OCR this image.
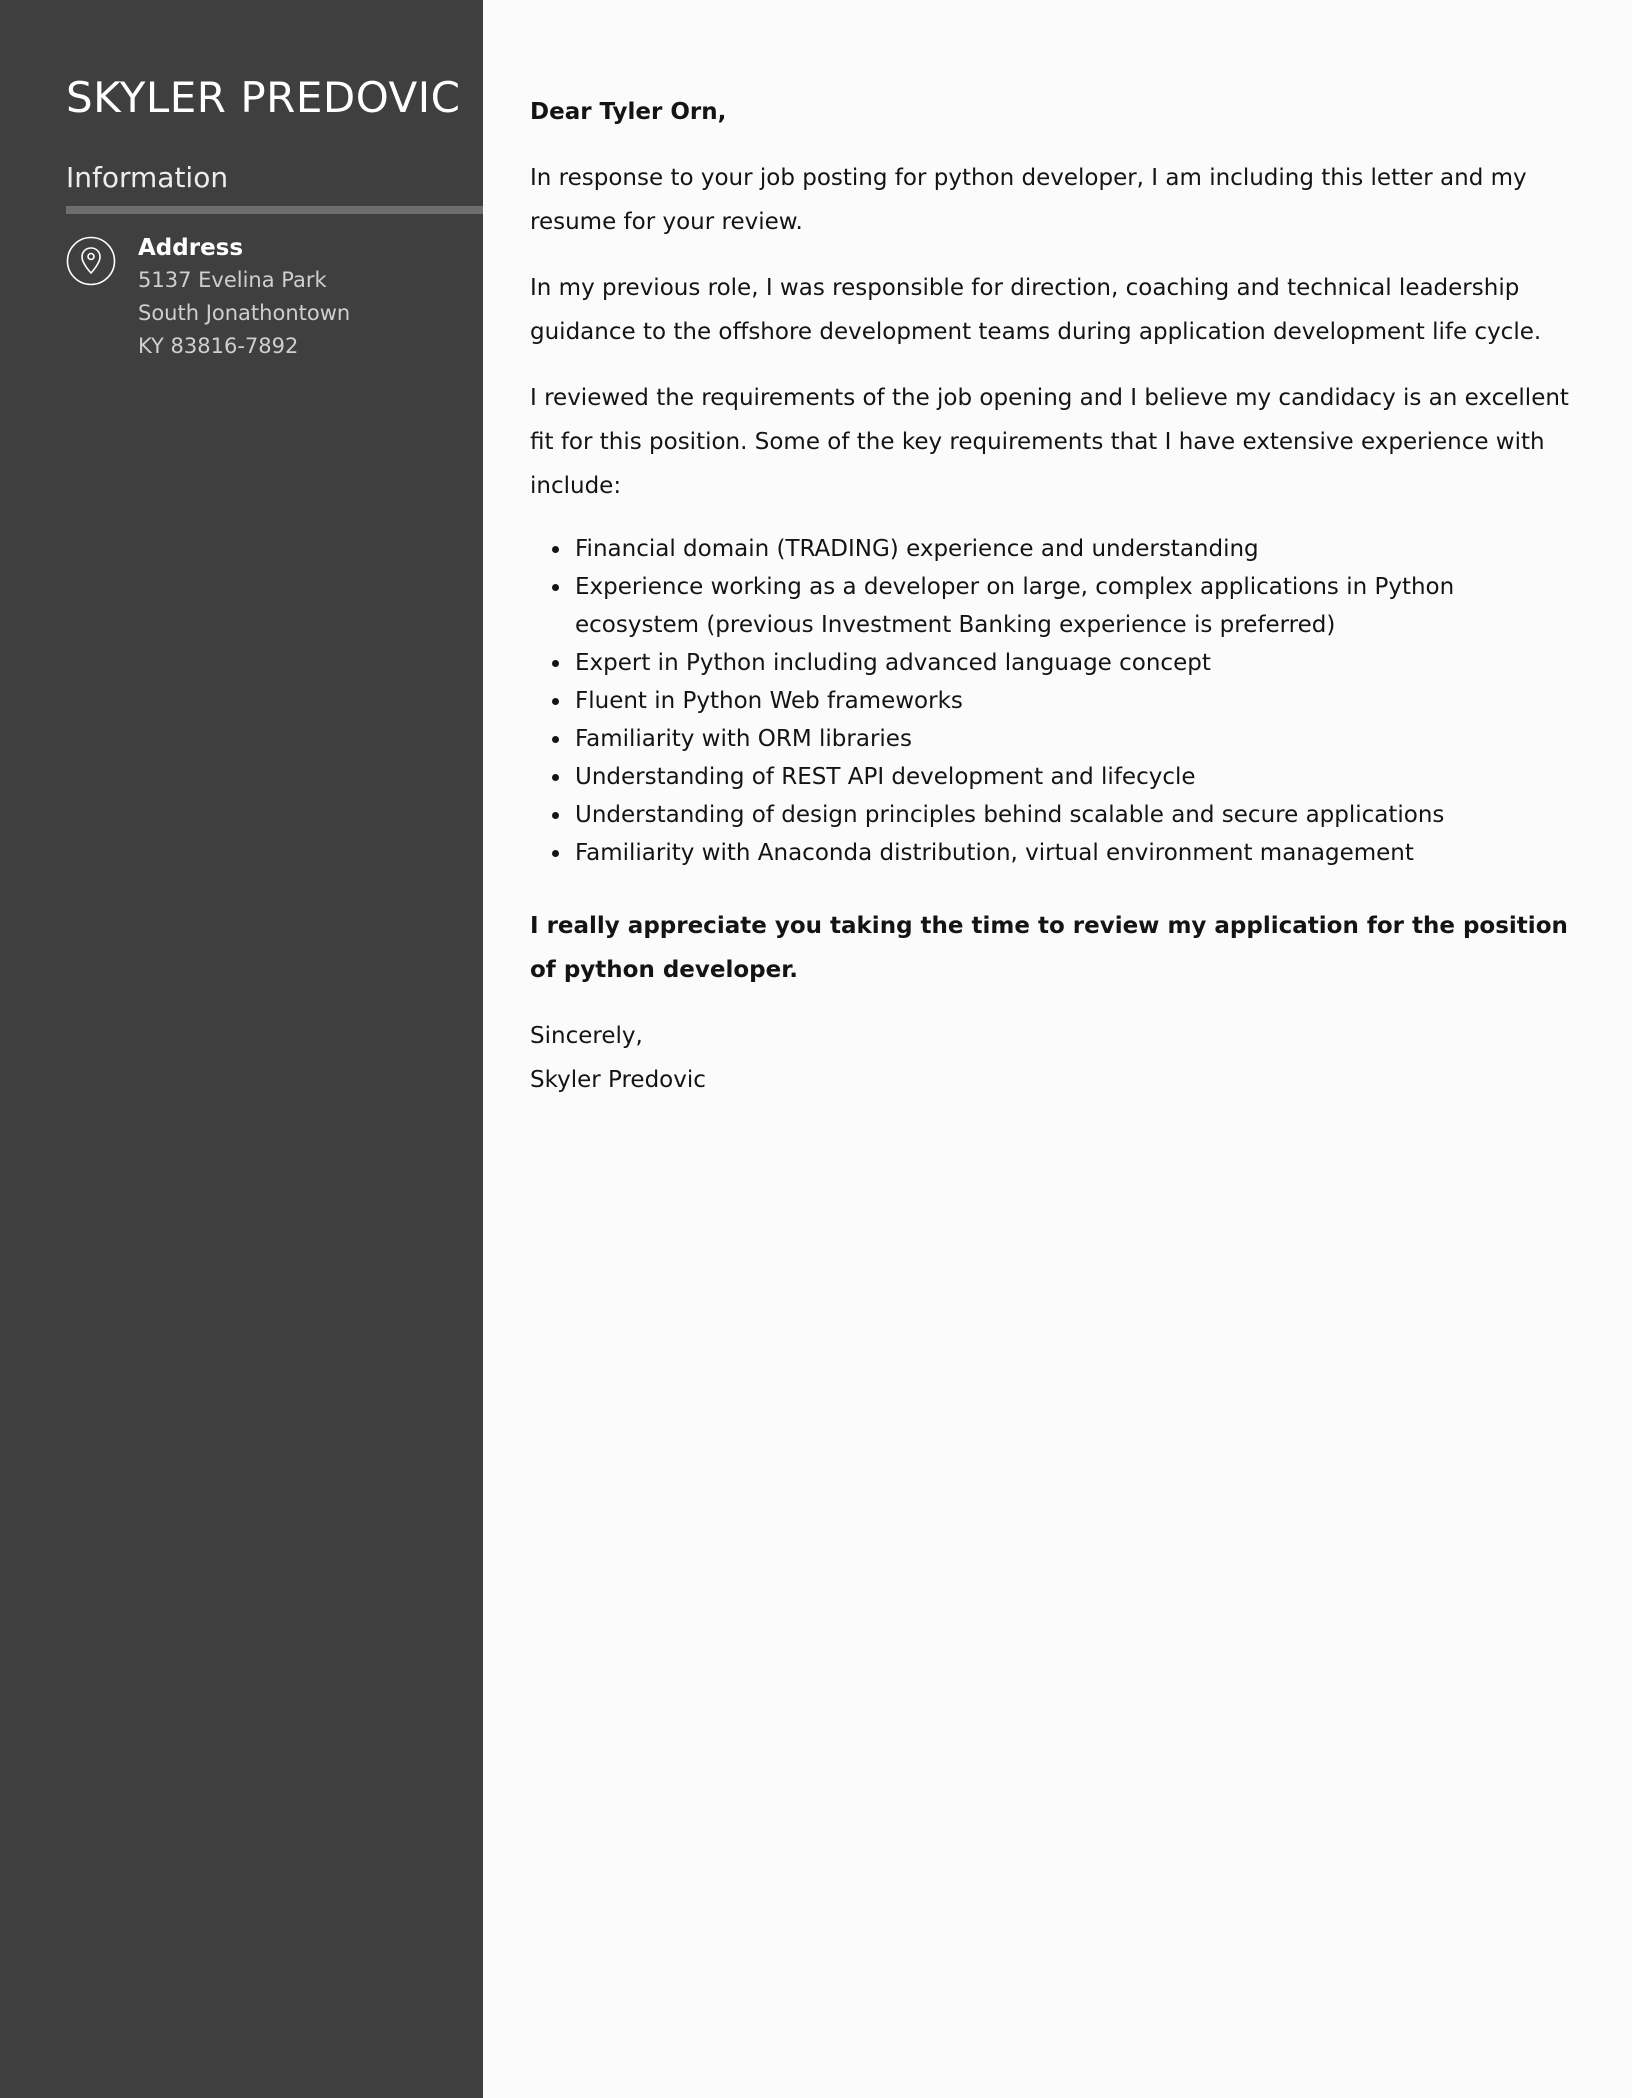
SKYLER PREDOVIC
Information
Address
5137 Evelina Park
South Jonathontown
KY 83816-7892

Dear Tyler Orn,

In response to your job posting for python developer, I am including this letter and my resume for your review.

In my previous role, I was responsible for direction, coaching and technical leadership guidance to the offshore development teams during application development life cycle.

I reviewed the requirements of the job opening and I believe my candidacy is an excellent fit for this position. Some of the key requirements that I have extensive experience with include:

Financial domain (TRADING) experience and understanding
Experience working as a developer on large, complex applications in Python ecosystem (previous Investment Banking experience is preferred)
Expert in Python including advanced language concept
Fluent in Python Web frameworks
Familiarity with ORM libraries
Understanding of REST API development and lifecycle
Understanding of design principles behind scalable and secure applications
Familiarity with Anaconda distribution, virtual environment management

I really appreciate you taking the time to review my application for the position of python developer.

Sincerely,
Skyler Predovic
